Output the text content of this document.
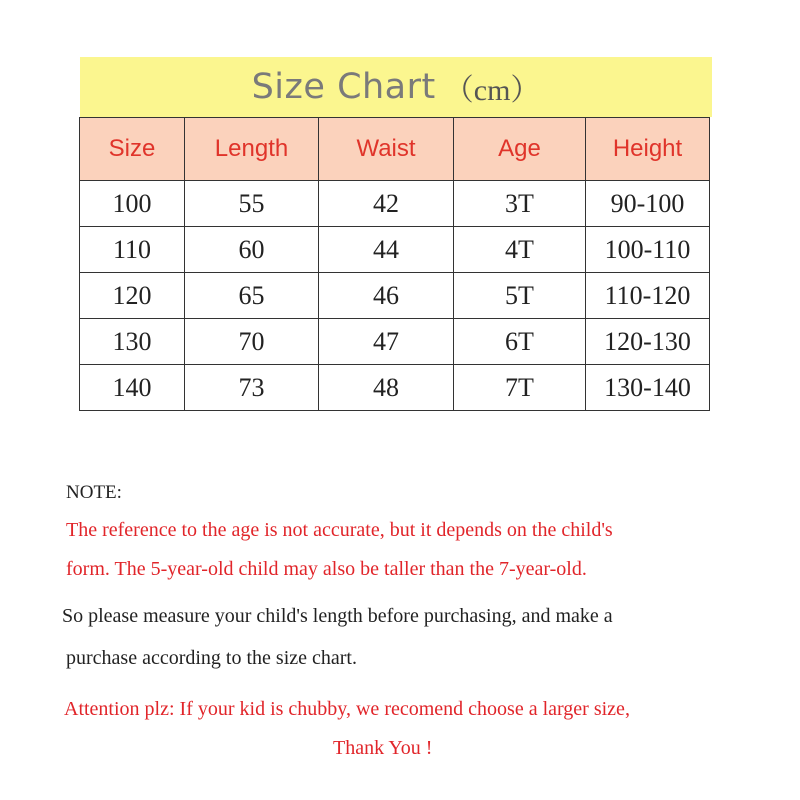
Size Chart （cm）
Size	Length	Waist	Age	Height
100	55	42	3T	90-100
110	60	44	4T	100-110
120	65	46	5T	110-120
130	70	47	6T	120-130
140	73	48	7T	130-140
NOTE:
The reference to the age is not accurate, but it depends on the child's
form. The 5-year-old child may also be taller than the 7-year-old.
So please measure your child's length before purchasing, and make a
purchase according to the size chart.
Attention plz: If your kid is chubby, we recomend choose a larger size,
Thank You !
